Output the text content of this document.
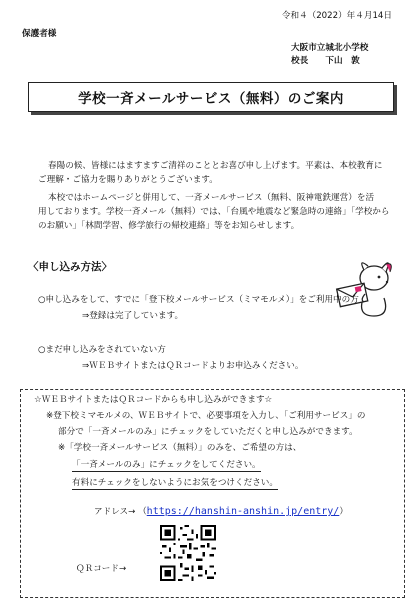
保護者様
令和４（2022）年４月14日
大阪市立城北小学校
校長　　下山　敦
学校一斉メールサービス（無料）のご案内
春陽の候、皆様にはますますご清祥のこととお喜び申し上げます。平素は、本校教育に
ご理解・ご協力を賜りありがとうございます。
本校ではホームページと併用して、一斉メールサービス（無料、阪神電鉄運営）を活
用しております。学校一斉メール（無料）では、「台風や地震など緊急時の連絡」「学校から
のお願い」「林間学習、修学旅行の帰校連絡」等をお知らせします。
〈申し込み方法〉
○申し込みをして、すでに「登下校メールサービス（ミマモルメ）」をご利用中の方
⇒登録は完了しています。
○まだ申し込みをされていない方
⇒ＷＥＢサイトまたはＱＲコードよりお申込みください。
☆ＷＥＢサイトまたはＱＲコードからも申し込みができます☆
※登下校ミマモルメの、ＷＥＢサイトで、必要事項を入力し、「ご利用サービス」の
部分で「一斉メールのみ」にチェックをしていただくと申し込みができます。
※「学校一斉メールサービス（無料）」のみを、ご希望の方は、
「一斉メールのみ」にチェックをしてください。
有料にチェックをしないようにお気をつけください。
アドレス→ （https://hanshin-anshin.jp/entry/）
ＱＲコード→
